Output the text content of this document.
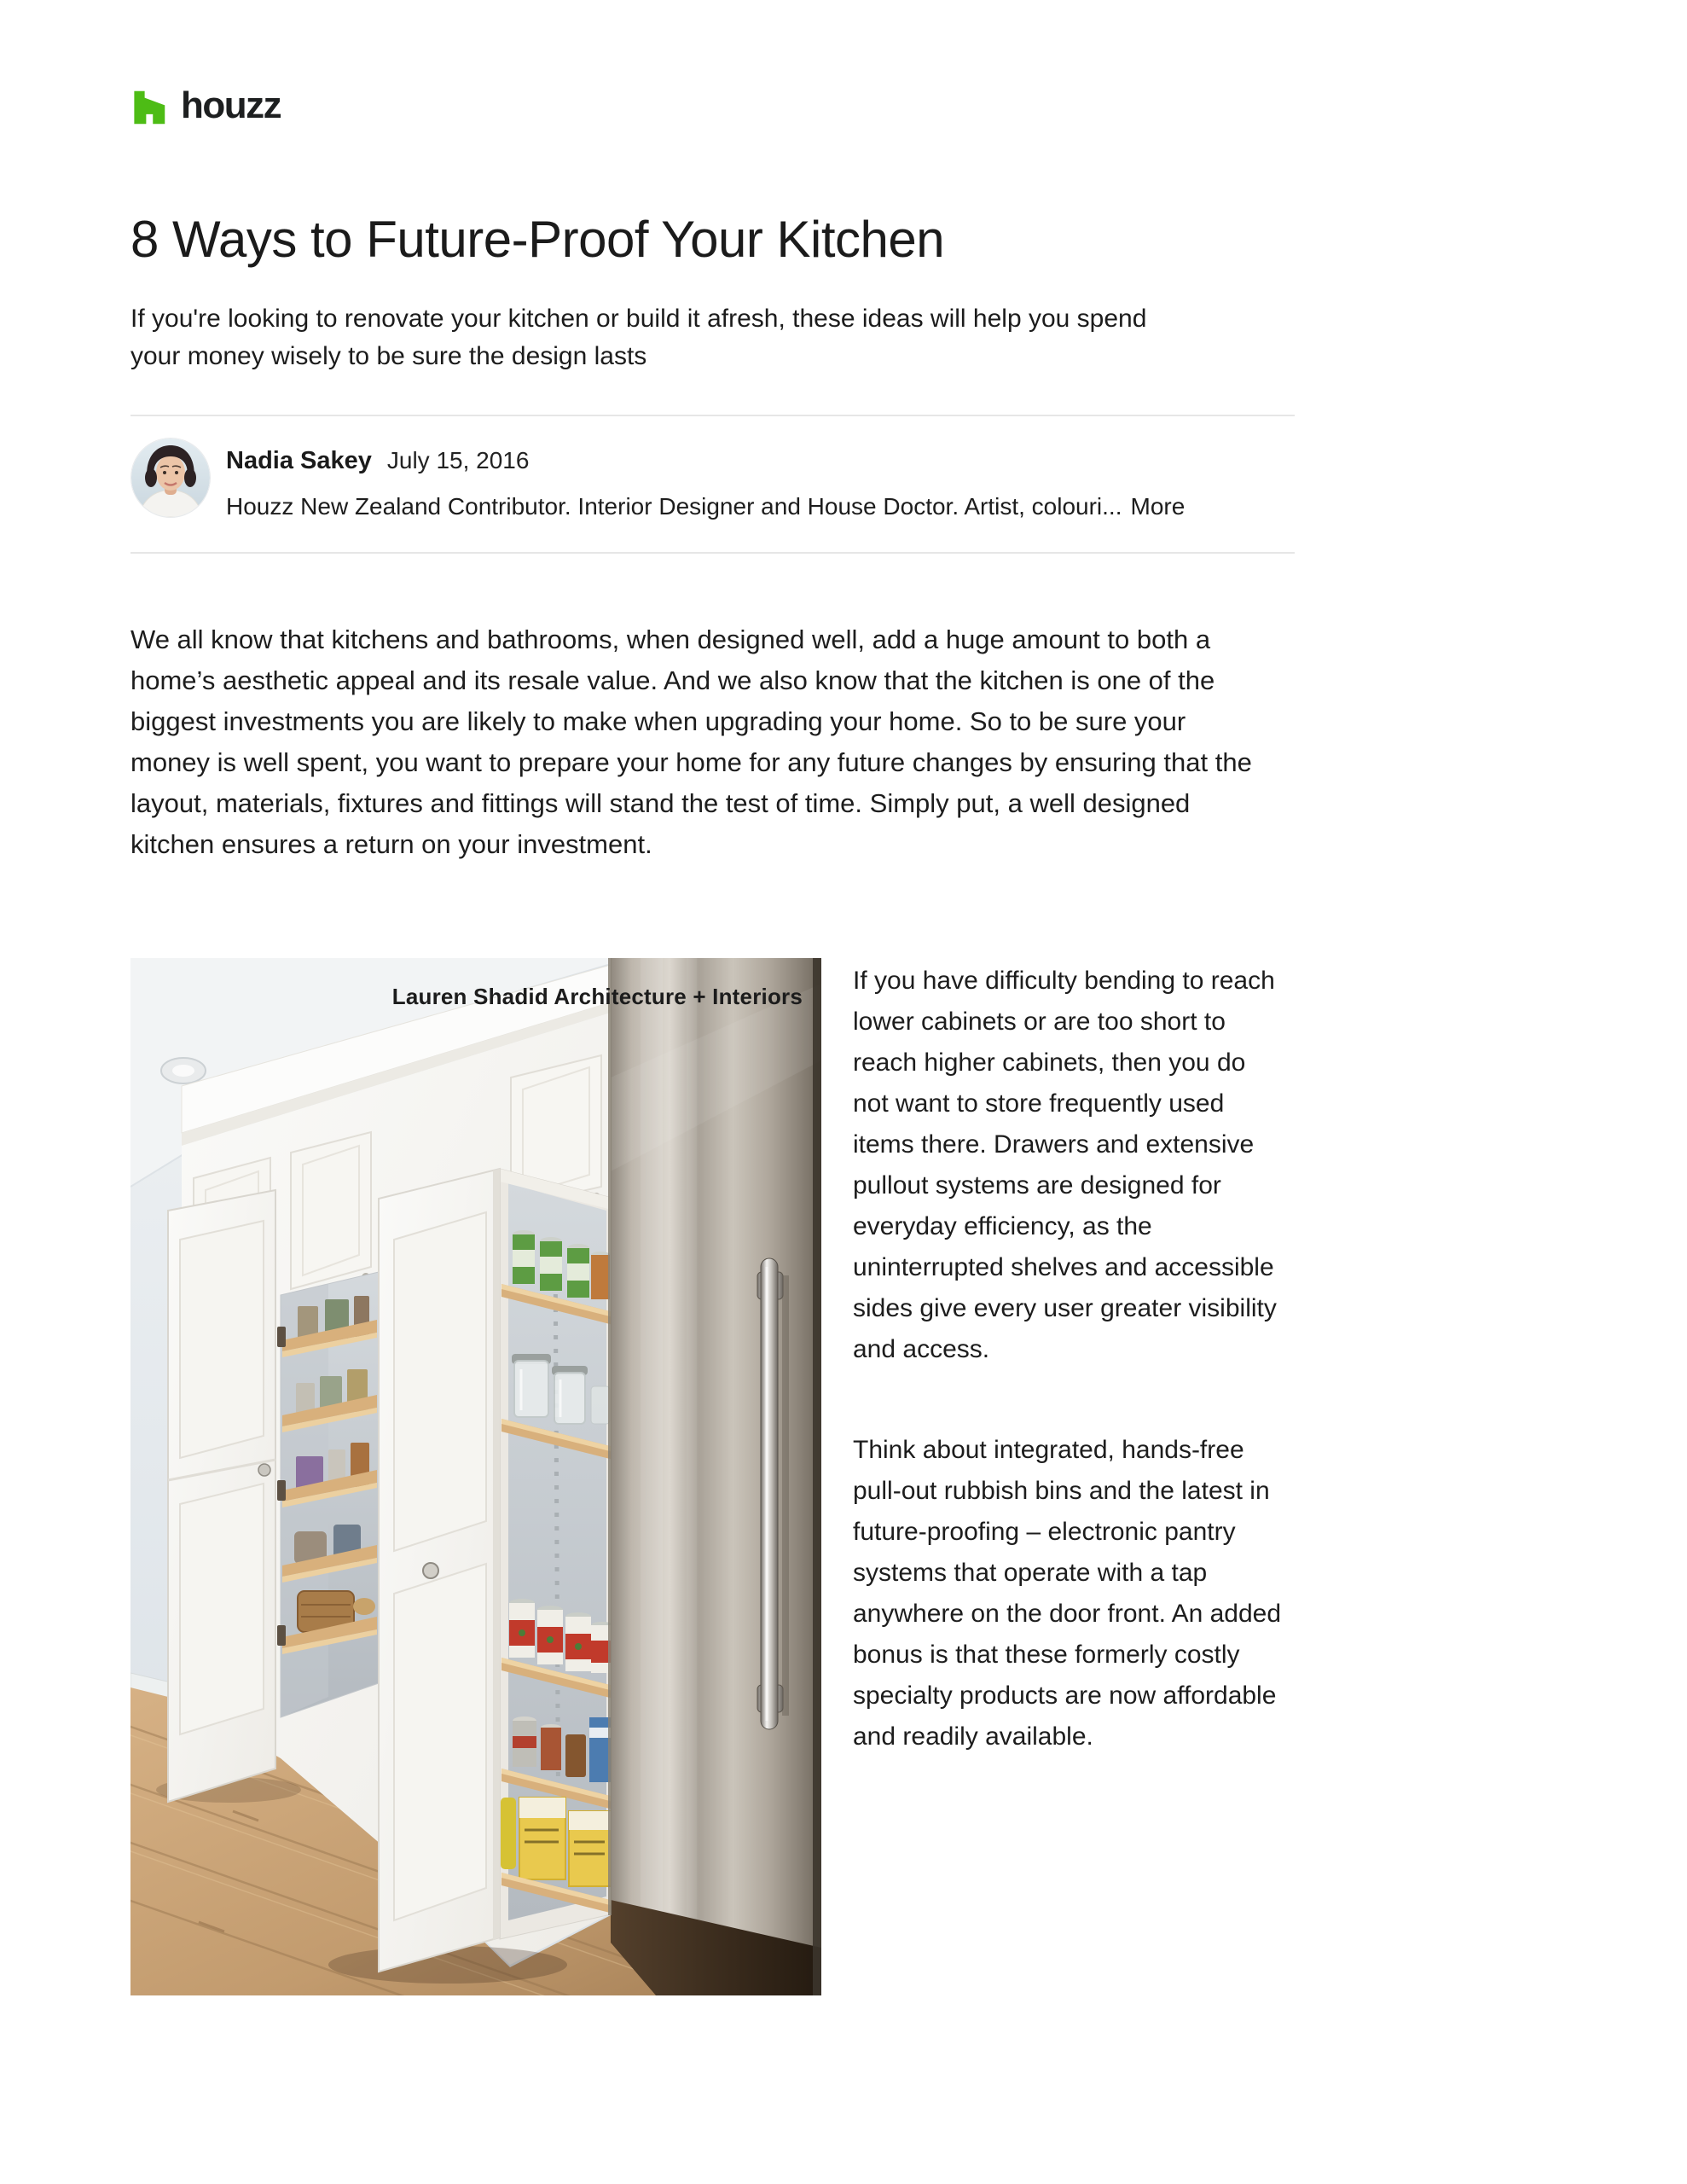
houzz
8 Ways to Future-Proof Your Kitchen
If you're looking to renovate your kitchen or build it afresh, these ideas will help you spend your money wisely to be sure the design lasts
Nadia Sakey July 15, 2016
Houzz New Zealand Contributor. Interior Designer and House Doctor. Artist, colouri... More

We all know that kitchens and bathrooms, when designed well, add a huge amount to both a home’s aesthetic appeal and its resale value. And we also know that the kitchen is one of the biggest investments you are likely to make when upgrading your home. So to be sure your money is well spent, you want to prepare your home for any future changes by ensuring that the layout, materials, fixtures and fittings will stand the test of time. Simply put, a well designed kitchen ensures a return on your investment.

Lauren Shadid Architecture + Interiors

If you have difficulty bending to reach lower cabinets or are too short to reach higher cabinets, then you do not want to store frequently used items there. Drawers and extensive pullout systems are designed for everyday efficiency, as the uninterrupted shelves and accessible sides give every user greater visibility and access.

Think about integrated, hands-free pull-out rubbish bins and the latest in future-proofing – electronic pantry systems that operate with a tap anywhere on the door front. An added bonus is that these formerly costly specialty products are now affordable and readily available.
